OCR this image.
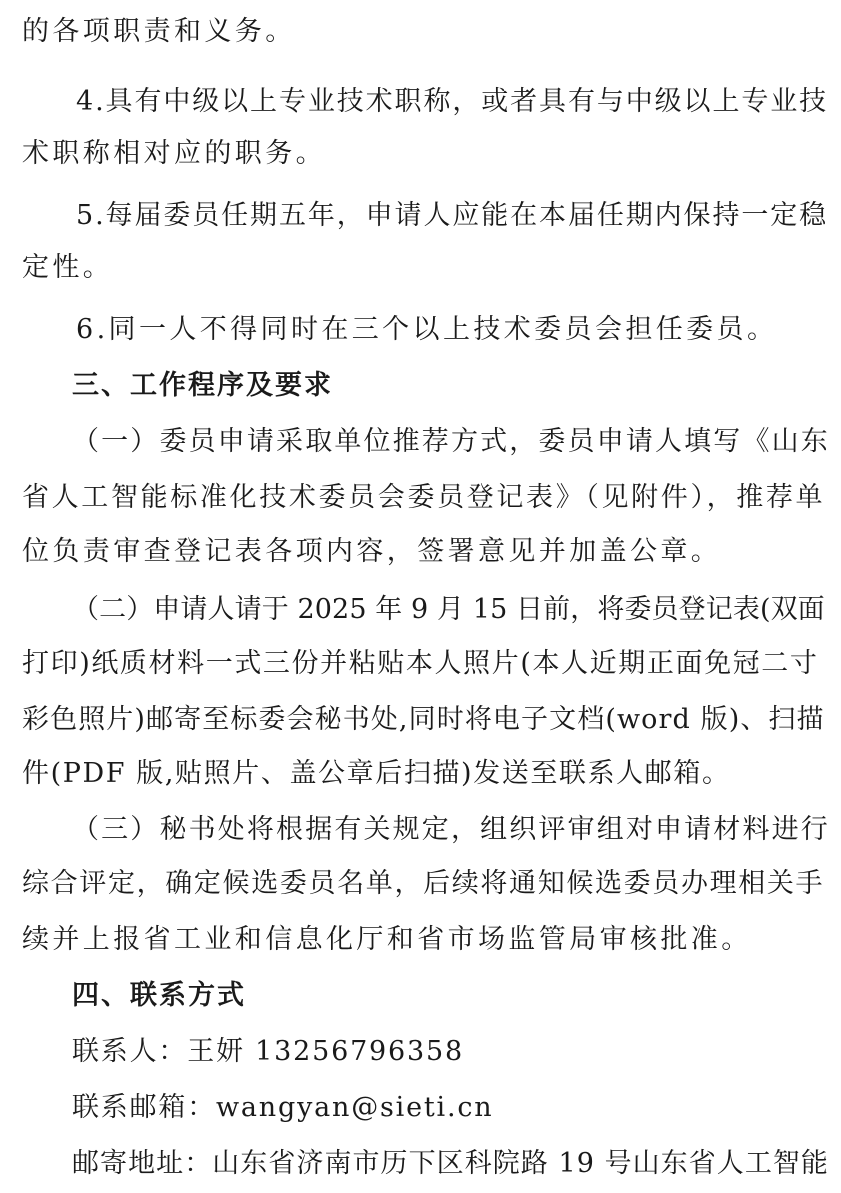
的各项职责和义务。
4.具有中级以上专业技术职称，或者具有与中级以上专业技
术职称相对应的职务。
5.每届委员任期五年，申请人应能在本届任期内保持一定稳
定性。
6.同一人不得同时在三个以上技术委员会担任委员。
三、工作程序及要求
（一）委员申请采取单位推荐方式，委员申请人填写《山东
省人工智能标准化技术委员会委员登记表》（见附件），推荐单
位负责审查登记表各项内容，签署意见并加盖公章。
（二）申请人请于 2025 年 9 月 15 日前，将委员登记表(双面
打印)纸质材料一式三份并粘贴本人照片(本人近期正面免冠二寸
彩色照片)邮寄至标委会秘书处,同时将电子文档(word 版)、扫描
件(PDF 版,贴照片、盖公章后扫描)发送至联系人邮箱。
（三）秘书处将根据有关规定，组织评审组对申请材料进行
综合评定，确定候选委员名单，后续将通知候选委员办理相关手
续并上报省工业和信息化厅和省市场监管局审核批准。
四、联系方式
联系人：王妍 13256796358
联系邮箱：wangyan@sieti.cn
邮寄地址：山东省济南市历下区科院路 19 号山东省人工智能
